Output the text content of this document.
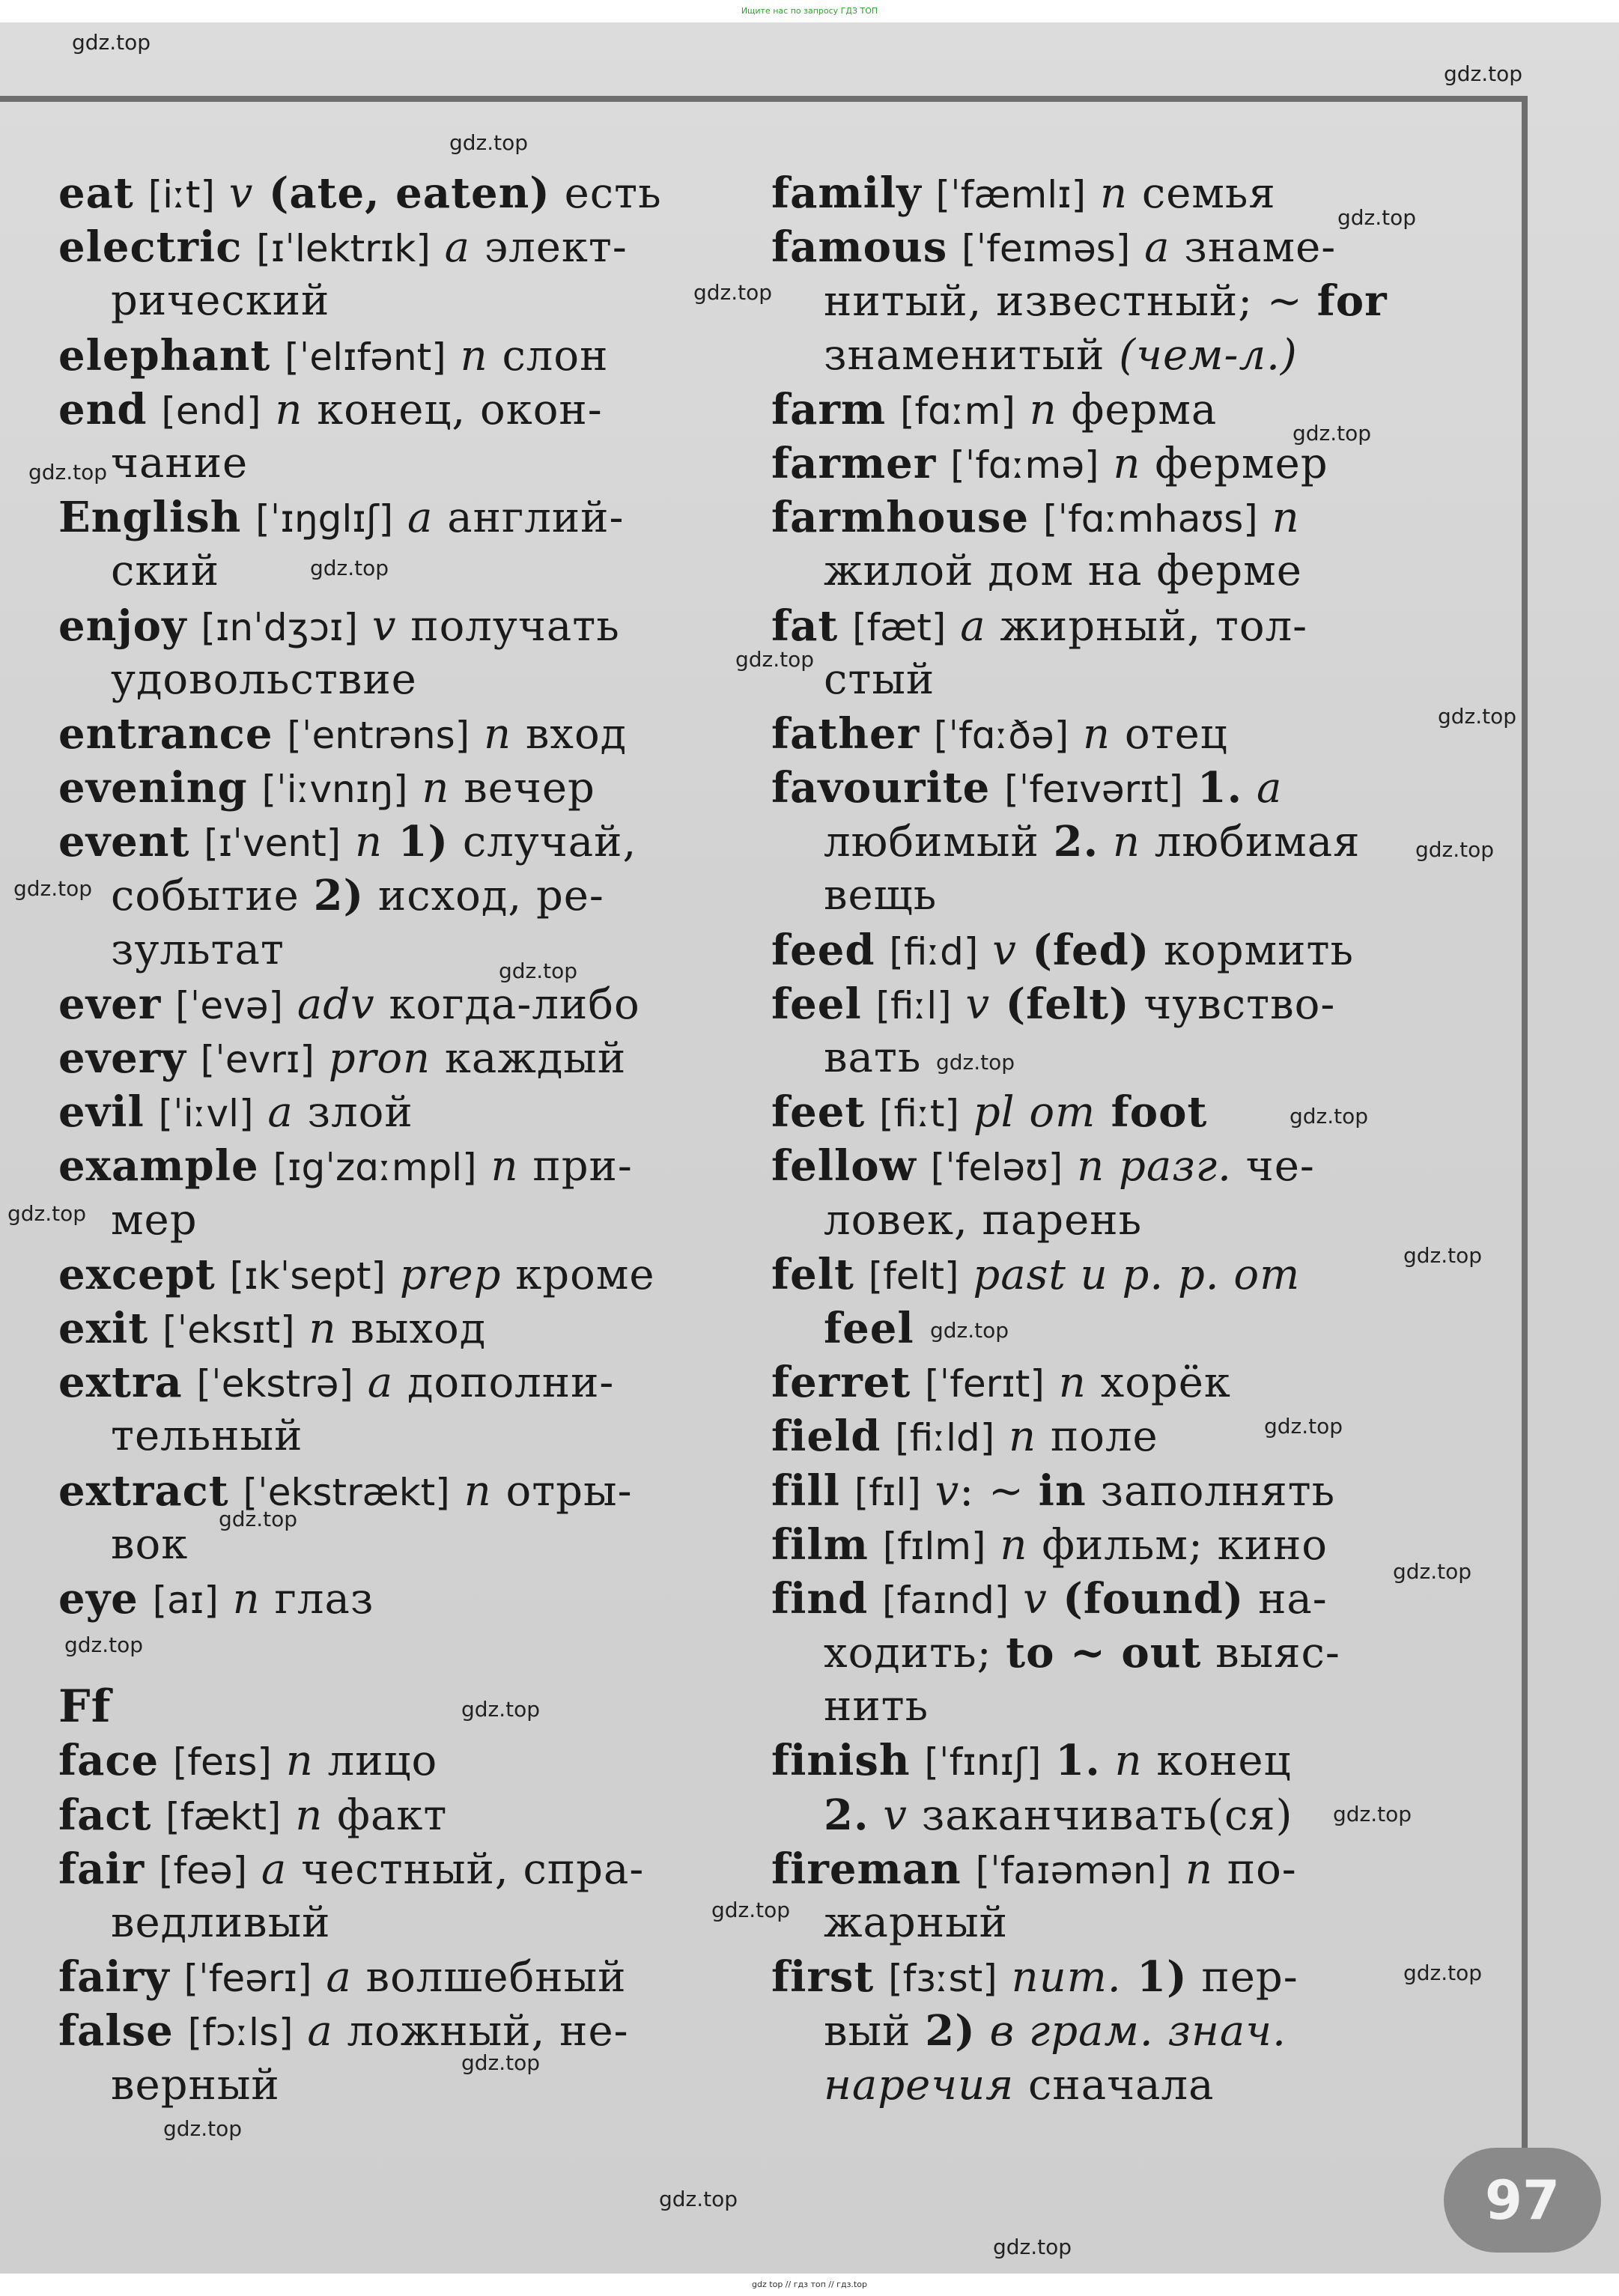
Ищите нас по запросу ГДЗ ТОП
eat [iːt] v (ate, eaten) есть
electric [ɪˈlektrɪk] a элект-
рический
elephant [ˈelɪfənt] n слон
end [end] n конец, окон-
чание
English [ˈɪŋglɪʃ] a англий-
ский
enjoy [ɪnˈdʒɔɪ] v получать
удовольствие
entrance [ˈentrəns] n вход
evening [ˈiːvnɪŋ] n вечер
event [ɪˈvent] n 1) случай,
событие 2) исход, ре-
зультат
ever [ˈevə] adv когда-либо
every [ˈevrɪ] pron каждый
evil [ˈiːvl] a злой
example [ɪgˈzɑːmpl] n при-
мер
except [ɪkˈsept] prep кроме
exit [ˈeksɪt] n выход
extra [ˈekstrə] a дополни-
тельный
extract [ˈekstrækt] n отры-
вок
eye [aɪ] n глаз
Ff
face [feɪs] n лицо
fact [fækt] n факт
fair [feə] a честный, спра-
ведливый
fairy [ˈfeərɪ] a волшебный
false [fɔːls] a ложный, не-
верный
family [ˈfæmlɪ] n семья
famous [ˈfeɪməs] a знаме-
нитый, известный; ~ for
знаменитый (чем-л.)
farm [fɑːm] n ферма
farmer [ˈfɑːmə] n фермер
farmhouse [ˈfɑːmhaʊs] n
жилой дом на ферме
fat [fæt] a жирный, тол-
стый
father [ˈfɑːðə] n отец
favourite [ˈfeɪvərɪt] 1. a
любимый 2. n любимая
вещь
feed [fiːd] v (fed) кормить
feel [fiːl] v (felt) чувство-
вать
feet [fiːt] pl от foot
fellow [ˈfeləʊ] n разг. че-
ловек, парень
felt [felt] past и p. p. от
feel
ferret [ˈferɪt] n хорёк
field [fiːld] n поле
fill [fɪl] v: ~ in заполнять
film [fɪlm] n фильм; кино
find [faɪnd] v (found) на-
ходить; to ~ out выяс-
нить
finish [ˈfɪnɪʃ] 1. n конец
2. v заканчивать(ся)
fireman [ˈfaɪəmən] n по-
жарный
first [fɜːst] num. 1) пер-
вый 2) в грам. знач.
наречия сначала
gdz.top
gdz.top
gdz.top
gdz.top
gdz.top
gdz.top
gdz.top
gdz.top
gdz.top
gdz.top
gdz.top
gdz.top
gdz.top
gdz.top
gdz.top
gdz.top
gdz.top
gdz.top
gdz.top
gdz.top
gdz.top
gdz.top
gdz.top
gdz.top
gdz.top
gdz.top
gdz.top
gdz.top
gdz.top
gdz.top
97
gdz top // гдз топ // гдз.top
